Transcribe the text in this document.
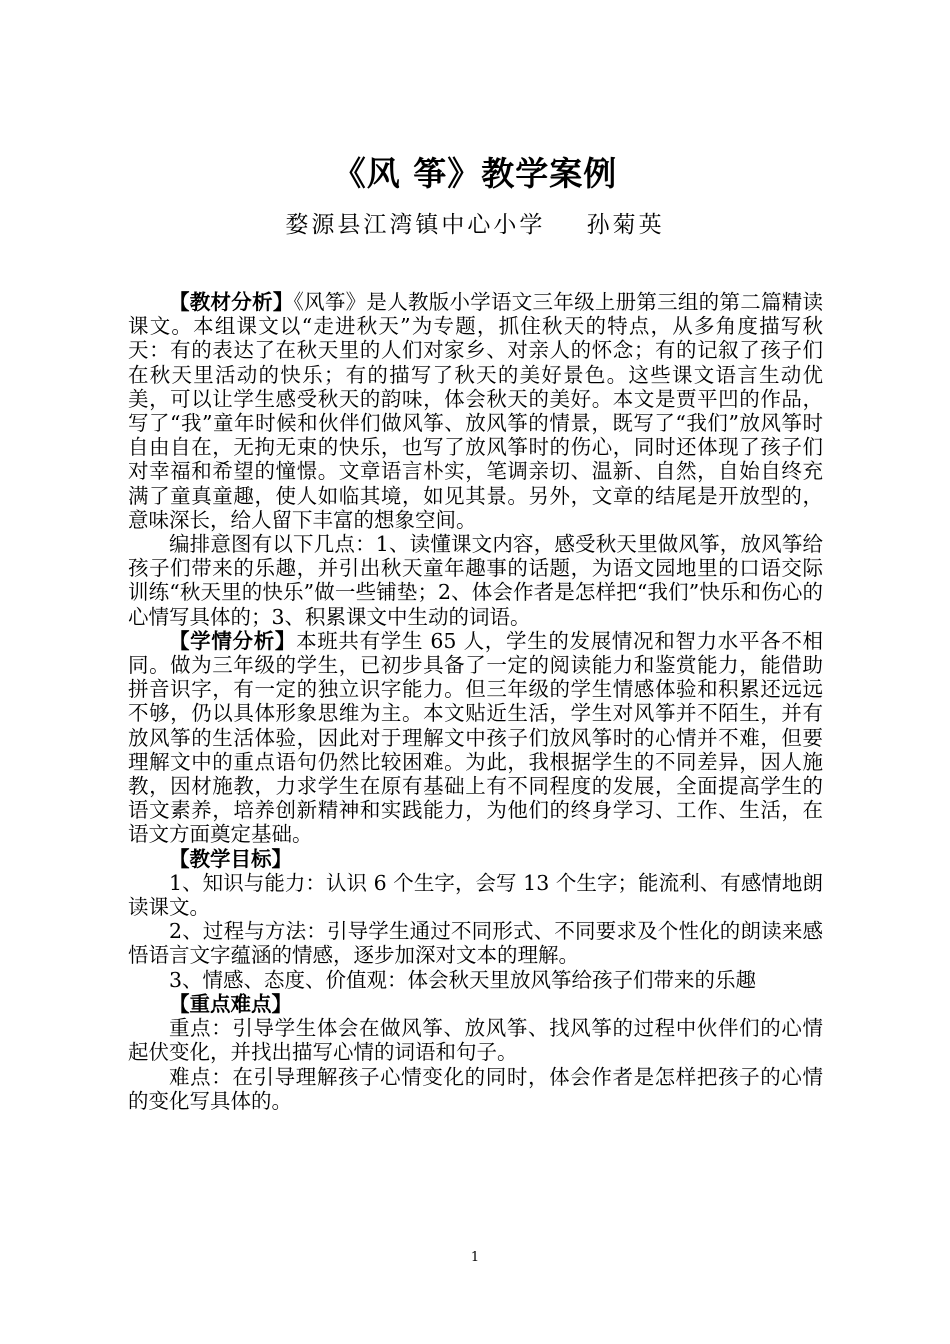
《风 筝》教学案例
婺源县江湾镇中心小学    孙菊英

【教材分析】《风筝》是人教版小学语文三年级上册第三组的第二篇精读课文。本组课文以“走进秋天”为专题，抓住秋天的特点，从多角度描写秋天：有的表达了在秋天里的人们对家乡、对亲人的怀念；有的记叙了孩子们在秋天里活动的快乐；有的描写了秋天的美好景色。这些课文语言生动优美，可以让学生感受秋天的韵味，体会秋天的美好。本文是贾平凹的作品，写了“我”童年时候和伙伴们做风筝、放风筝的情景，既写了“我们”放风筝时自由自在，无拘无束的快乐，也写了放风筝时的伤心，同时还体现了孩子们对幸福和希望的憧憬。文章语言朴实，笔调亲切、温新、自然，自始自终充满了童真童趣，使人如临其境，如见其景。另外，文章的结尾是开放型的，意味深长，给人留下丰富的想象空间。

编排意图有以下几点：1、读懂课文内容，感受秋天里做风筝，放风筝给孩子们带来的乐趣，并引出秋天童年趣事的话题，为语文园地里的口语交际训练“秋天里的快乐”做一些铺垫；2、体会作者是怎样把“我们”快乐和伤心的心情写具体的；3、积累课文中生动的词语。

【学情分析】本班共有学生 65 人，学生的发展情况和智力水平各不相同。做为三年级的学生，已初步具备了一定的阅读能力和鉴赏能力，能借助拼音识字，有一定的独立识字能力。但三年级的学生情感体验和积累还远远不够，仍以具体形象思维为主。本文贴近生活，学生对风筝并不陌生，并有放风筝的生活体验，因此对于理解文中孩子们放风筝时的心情并不难，但要理解文中的重点语句仍然比较困难。为此，我根据学生的不同差异，因人施教，因材施教，力求学生在原有基础上有不同程度的发展，全面提高学生的语文素养，培养创新精神和实践能力，为他们的终身学习、工作、生活，在语文方面奠定基础。

【教学目标】

1、知识与能力：认识 6 个生字，会写 13 个生字；能流利、有感情地朗读课文。

2、过程与方法：引导学生通过不同形式、不同要求及个性化的朗读来感悟语言文字蕴涵的情感，逐步加深对文本的理解。

3、情感、态度、价值观：体会秋天里放风筝给孩子们带来的乐趣

【重点难点】

重点：引导学生体会在做风筝、放风筝、找风筝的过程中伙伴们的心情起伏变化，并找出描写心情的词语和句子。

难点：在引导理解孩子心情变化的同时，体会作者是怎样把孩子的心情的变化写具体的。

1
